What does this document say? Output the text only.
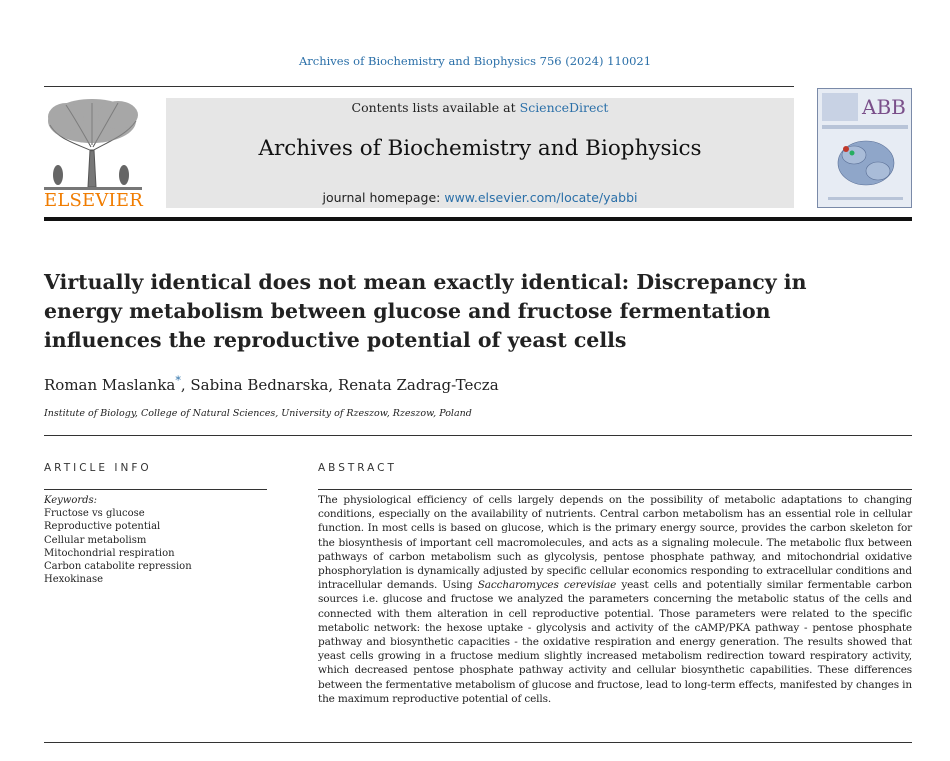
Archives of Biochemistry and Biophysics 756 (2024) 110021
ELSEVIER
Contents lists available at ScienceDirect
Archives of Biochemistry and Biophysics
journal homepage: www.elsevier.com/locate/yabbi
ABB
Virtually identical does not mean exactly identical: Discrepancy in energy metabolism between glucose and fructose fermentation influences the reproductive potential of yeast cells
Roman Maslanka*, Sabina Bednarska, Renata Zadrag-Tecza
Institute of Biology, College of Natural Sciences, University of Rzeszow, Rzeszow, Poland
ARTICLE INFO
Keywords:
Fructose vs glucose
Reproductive potential
Cellular metabolism
Mitochondrial respiration
Carbon catabolite repression
Hexokinase
ABSTRACT

The physiological efficiency of cells largely depends on the possibility of metabolic adaptations to changing conditions, especially on the availability of nutrients. Central carbon metabolism has an essential role in cellular function. In most cells is based on glucose, which is the primary energy source, provides the carbon skeleton for the biosynthesis of important cell macromolecules, and acts as a signaling molecule. The metabolic flux between pathways of carbon metabolism such as glycolysis, pentose phosphate pathway, and mitochondrial oxidative phosphorylation is dynamically adjusted by specific cellular economics responding to extracellular conditions and intracellular demands. Using Saccharomyces cerevisiae yeast cells and potentially similar fermentable carbon sources i.e. glucose and fructose we analyzed the parameters concerning the metabolic status of the cells and connected with them alteration in cell reproductive potential. Those parameters were related to the specific metabolic network: the hexose uptake - glycolysis and activity of the cAMP/PKA pathway - pentose phosphate pathway and biosynthetic capacities - the oxidative respiration and energy generation. The results showed that yeast cells growing in a fructose medium slightly increased metabolism redirection toward respiratory activity, which decreased pentose phosphate pathway activity and cellular biosynthetic capabilities. These differences between the fermentative metabolism of glucose and fructose, lead to long-term effects, manifested by changes in the maximum reproductive potential of cells.
